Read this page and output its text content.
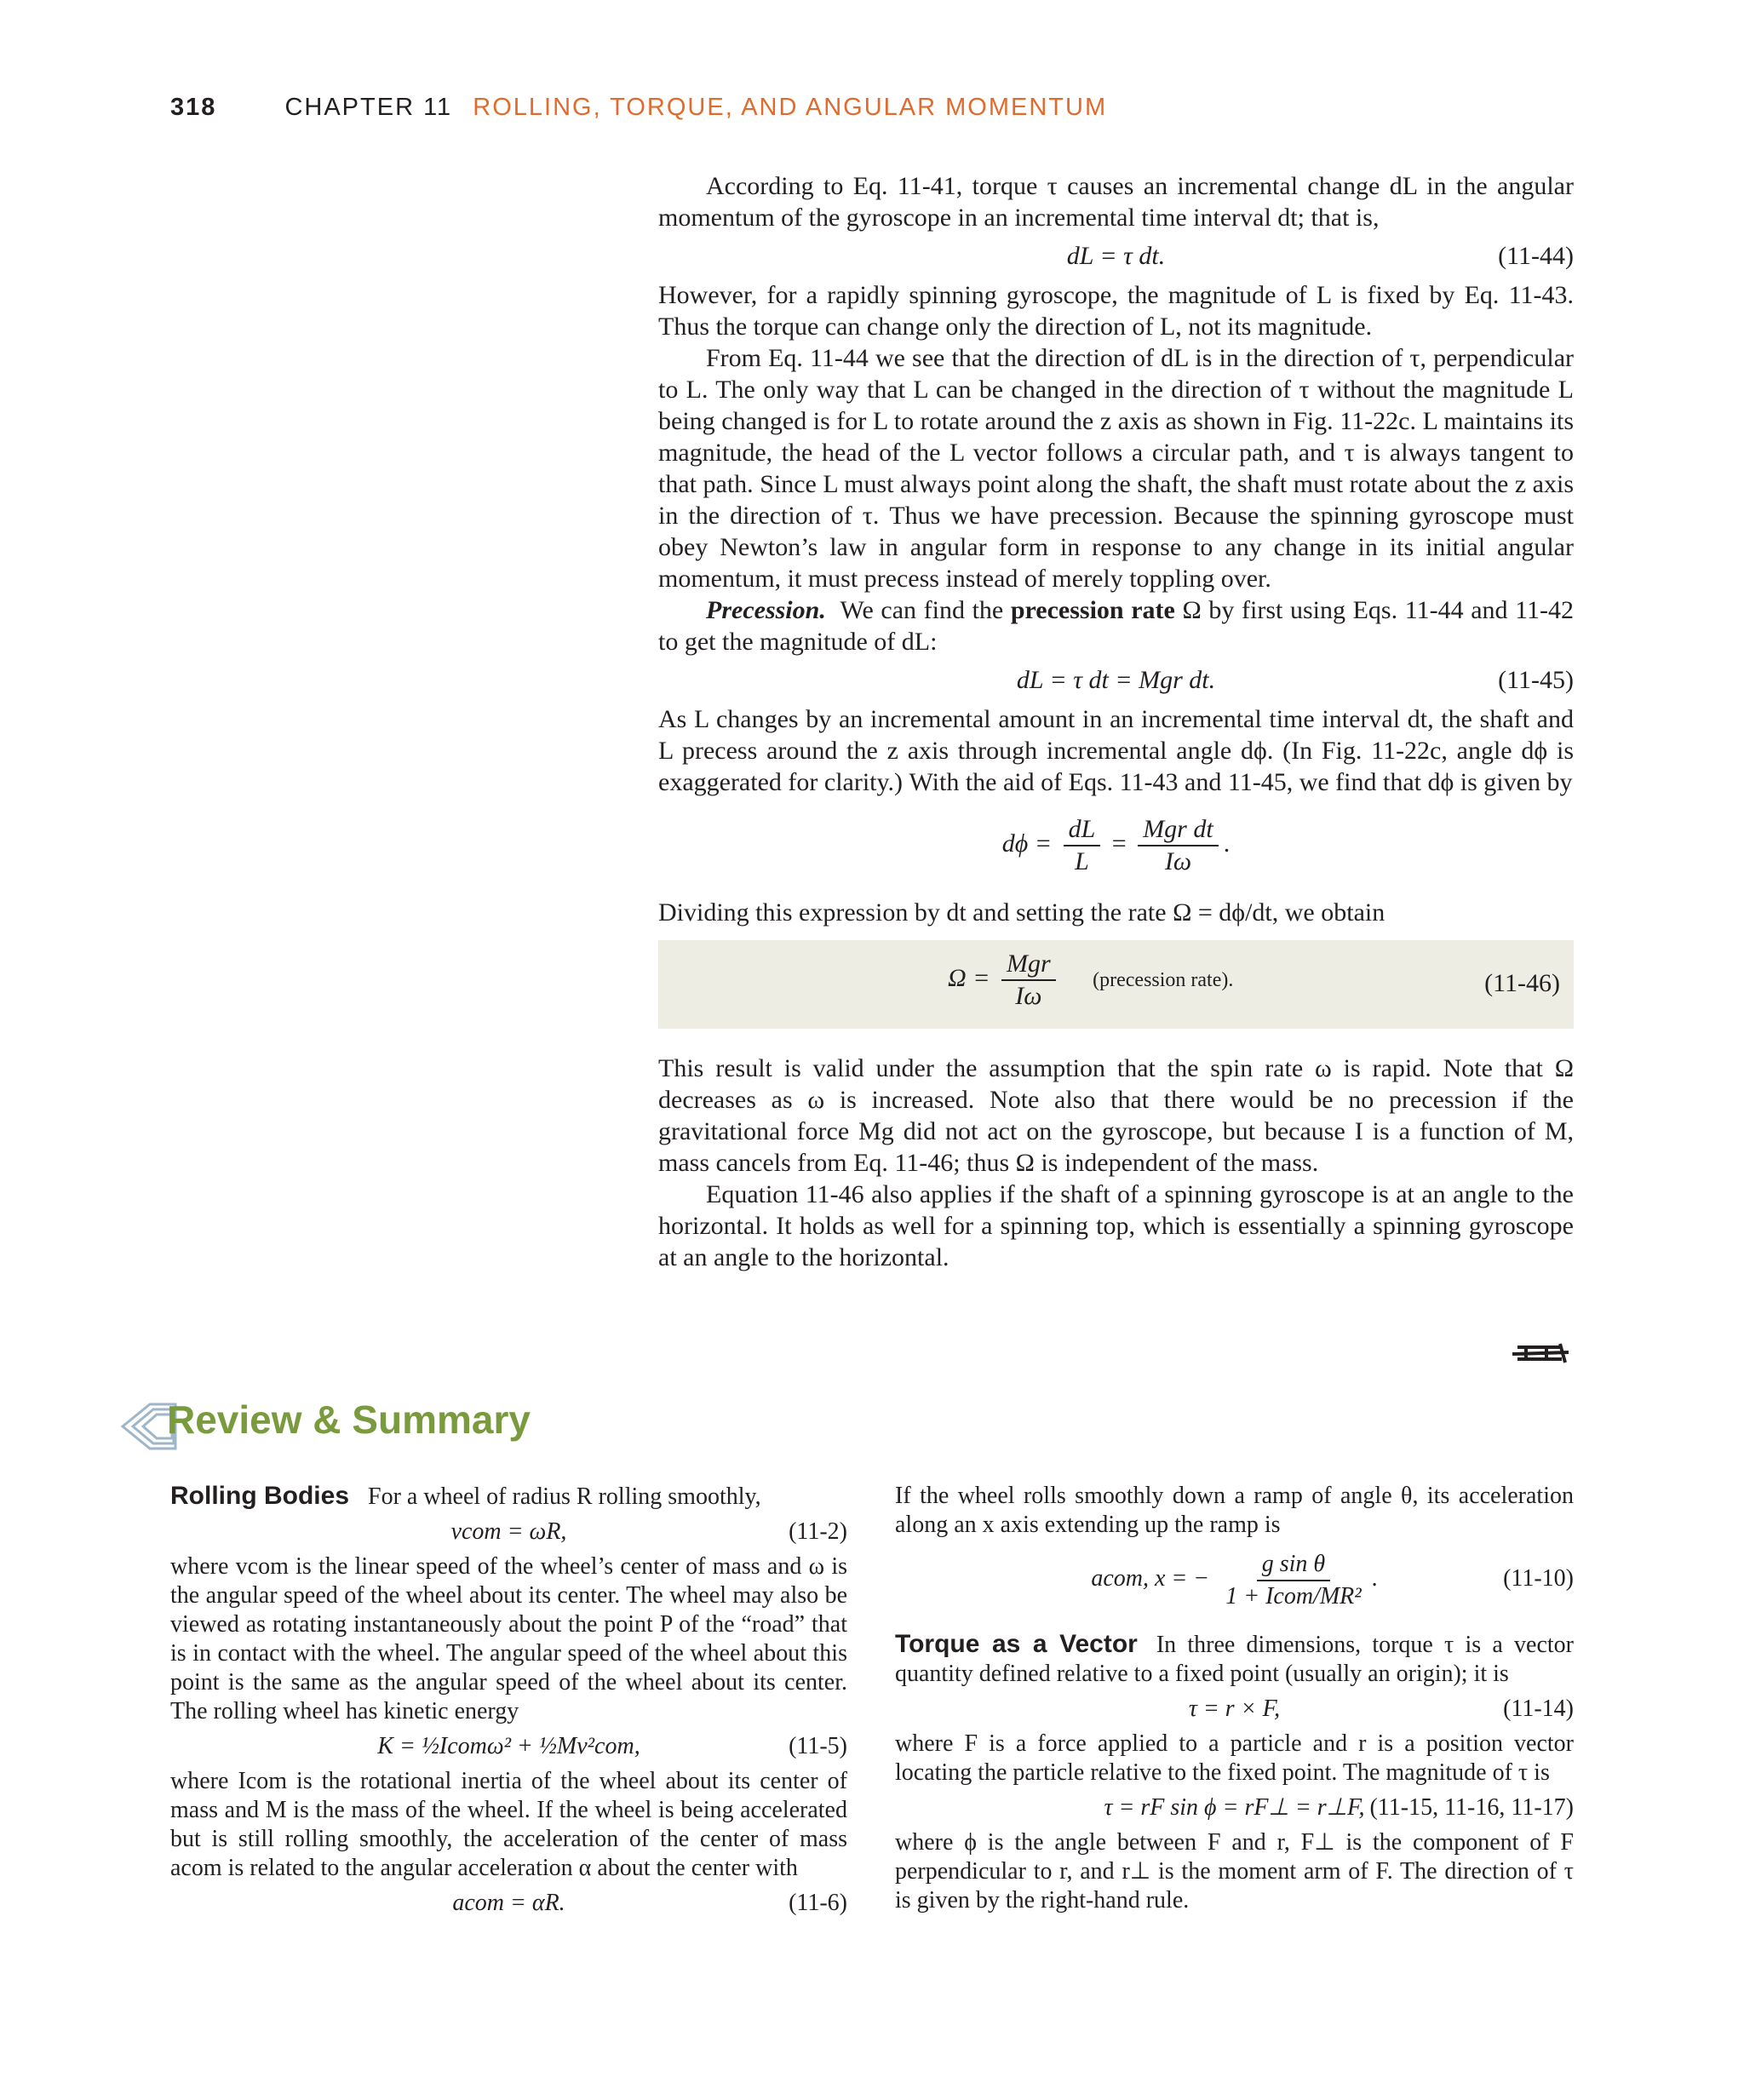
318	CHAPTER 11 ROLLING, TORQUE, AND ANGULAR MOMENTUM

According to Eq. 11-41, torque τ causes an incremental change dL in the angular momentum of the gyroscope in an incremental time interval dt; that is,

dL = τ dt.	(11-44)

However, for a rapidly spinning gyroscope, the magnitude of L is fixed by Eq. 11-43. Thus the torque can change only the direction of L, not its magnitude.

From Eq. 11-44 we see that the direction of dL is in the direction of τ, perpendicular to L. The only way that L can be changed in the direction of τ without the magnitude L being changed is for L to rotate around the z axis as shown in Fig. 11-22c. L maintains its magnitude, the head of the L vector follows a circular path, and τ is always tangent to that path. Since L must always point along the shaft, the shaft must rotate about the z axis in the direction of τ. Thus we have precession. Because the spinning gyroscope must obey Newton’s law in angular form in response to any change in its initial angular momentum, it must precess instead of merely toppling over.

Precession. We can find the precession rate Ω by first using Eqs. 11-44 and 11-42 to get the magnitude of dL:

dL = τ dt = Mgr dt.	(11-45)

As L changes by an incremental amount in an incremental time interval dt, the shaft and L precess around the z axis through incremental angle dϕ. (In Fig. 11-22c, angle dϕ is exaggerated for clarity.) With the aid of Eqs. 11-43 and 11-45, we find that dϕ is given by

$d\phi = \frac{dL}{L} = \frac{\text{Mgr dt}}{I\omega}$ .

Dividing this expression by dt and setting the rate Ω = dϕ/dt, we obtain

$\Omega = \frac{\text{Mgr}}{I\omega}$ (precession rate).	(11-46)

This result is valid under the assumption that the spin rate ω is rapid. Note that Ω decreases as ω is increased. Note also that there would be no precession if the gravitational force Mg did not act on the gyroscope, but because I is a function of M, mass cancels from Eq. 11-46; thus Ω is independent of the mass.

Equation 11-46 also applies if the shaft of a spinning gyroscope is at an angle to the horizontal. It holds as well for a spinning top, which is essentially a spinning gyroscope at an angle to the horizontal.

Review & Summary

Rolling Bodies For a wheel of radius R rolling smoothly,

vcom = ωR,	(11-2)

where vcom is the linear speed of the wheel’s center of mass and ω is the angular speed of the wheel about its center. The wheel may also be viewed as rotating instantaneously about the point P of the “road” that is in contact with the wheel. The angular speed of the wheel about this point is the same as the angular speed of the wheel about its center. The rolling wheel has kinetic energy

K = ½Icomω² + ½Mv²com,	(11-5)

where Icom is the rotational inertia of the wheel about its center of mass and M is the mass of the wheel. If the wheel is being accelerated but is still rolling smoothly, the acceleration of the center of mass acom is related to the angular acceleration α about the center with

acom = αR.	(11-6)

If the wheel rolls smoothly down a ramp of angle θ, its acceleration along an x axis extending up the ramp is

acom, x = − $\frac{\text{g sin θ}}{\text{1 + Icom/MR²}}$ .	(11-10)

Torque as a Vector In three dimensions, torque τ is a vector quantity defined relative to a fixed point (usually an origin); it is

τ = r × F,	(11-14)

where F is a force applied to a particle and r is a position vector locating the particle relative to the fixed point. The magnitude of τ is

τ = rF sin ϕ = rF⊥ = r⊥F, (11-15, 11-16, 11-17)

where ϕ is the angle between F and r, F⊥ is the component of F perpendicular to r, and r⊥ is the moment arm of F. The direction of τ is given by the right-hand rule.
